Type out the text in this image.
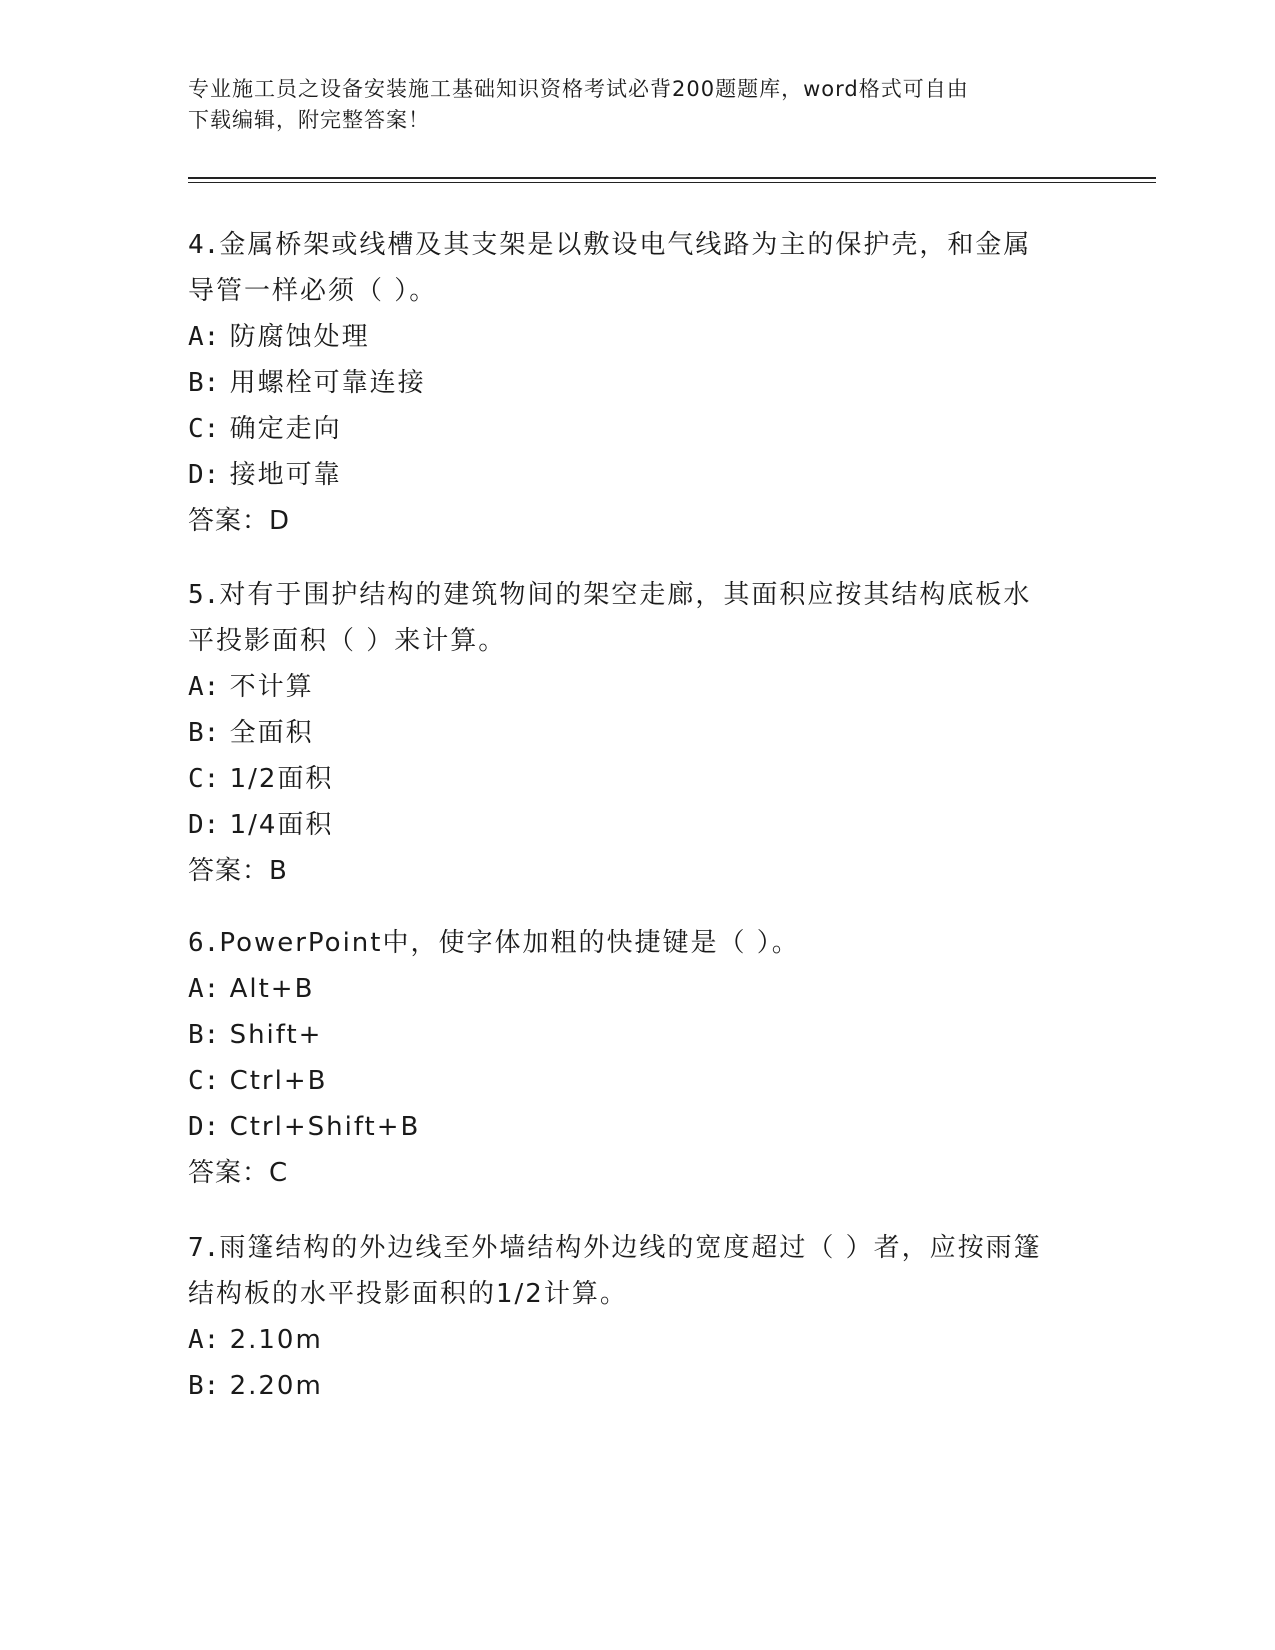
专业施工员之设备安装施工基础知识资格考试必背200题题库，word格式可自由
下载编辑，附完整答案！

4.金属桥架或线槽及其支架是以敷设电气线路为主的保护壳，和金属

导管一样必须（ ）。

A: 防腐蚀处理

B: 用螺栓可靠连接

C: 确定走向

D: 接地可靠

答案：D

5.对有于围护结构的建筑物间的架空走廊，其面积应按其结构底板水

平投影面积（ ）来计算。

A: 不计算

B: 全面积

C: 1/2面积

D: 1/4面积

答案：B

6.PowerPoint中，使字体加粗的快捷键是（ ）。

A: Alt+B

B: Shift+

C: Ctrl+B

D: Ctrl+Shift+B

答案：C

7.雨篷结构的外边线至外墙结构外边线的宽度超过（ ）者，应按雨篷

结构板的水平投影面积的1/2计算。

A: 2.10m

B: 2.20m
